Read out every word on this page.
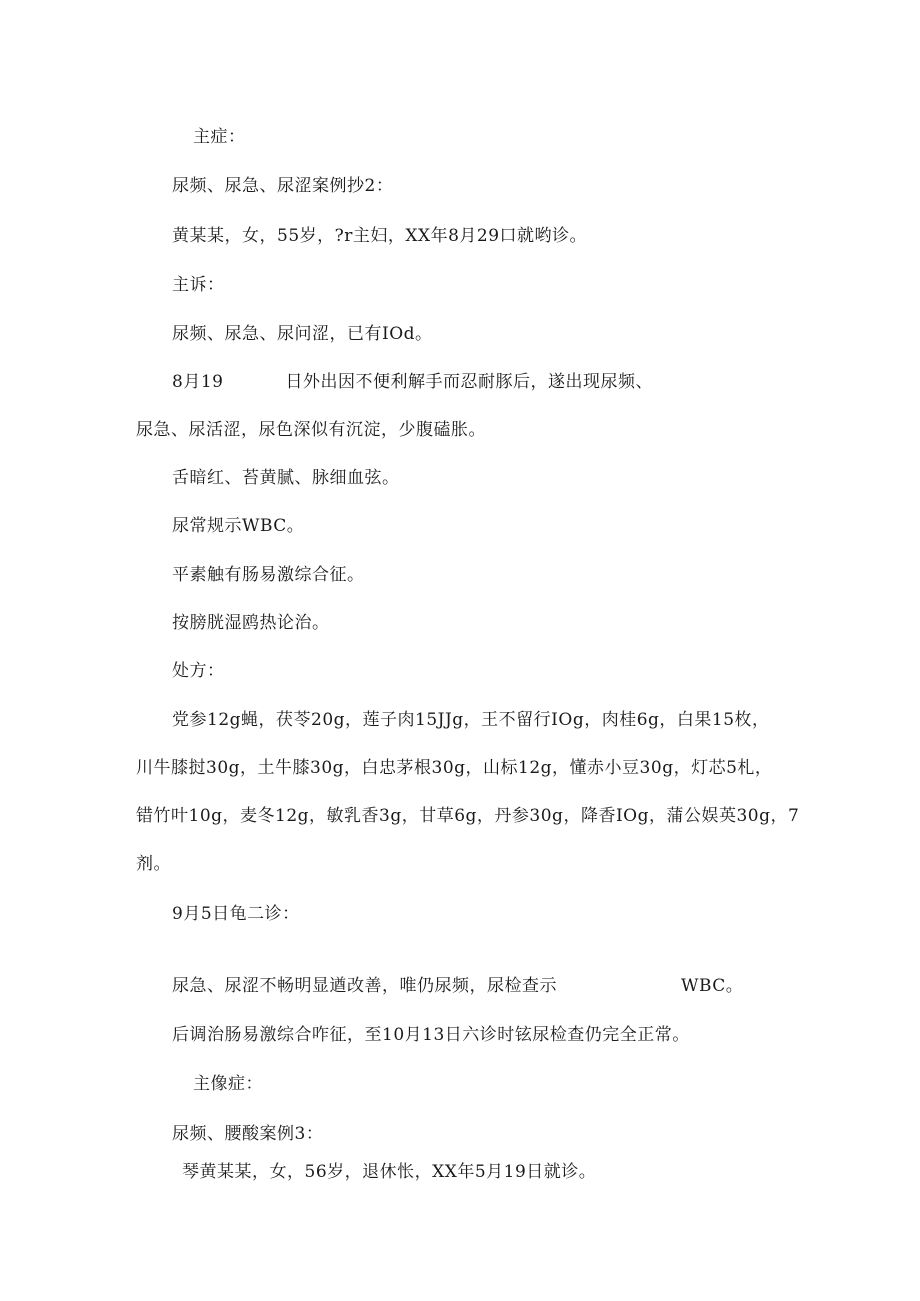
主症：
尿频、尿急、尿涩案例抄2：
黄某某，女，55岁，?r主妇，XX年8月29口就哟诊。
主诉：
尿频、尿急、尿问涩，已有IOd。
8月19	日外出因不便利解手而忍耐豚后，遂出现尿频、
尿急、尿活涩，尿色深似有沉淀，少腹磕胀。
舌暗红、苔黄腻、脉细血弦。
尿常规示WBC。
平素触有肠易激综合征。
按膀胱湿鸥热论治。
处方：
党参12g蝇，茯苓20g，莲子肉15JJg，王不留行IOg，肉桂6g，白果15枚，
川牛膝挝30g，土牛膝30g，白忠茅根30g，山标12g，懂赤小豆30g，灯芯5札，
错竹叶10g，麦冬12g，敏乳香3g，甘草6g，丹参30g，降香IOg，蒲公娱英30g，7
剂。
9月5日龟二诊：
尿急、尿涩不畅明显遒改善，唯仍尿频，尿检查示	WBC。
后调治肠易激综合咋征，至10月13日六诊时铉尿检查仍完全正常。
主像症：
尿频、腰酸案例3：
琴黄某某，女，56岁，退休怅，XX年5月19日就诊。
